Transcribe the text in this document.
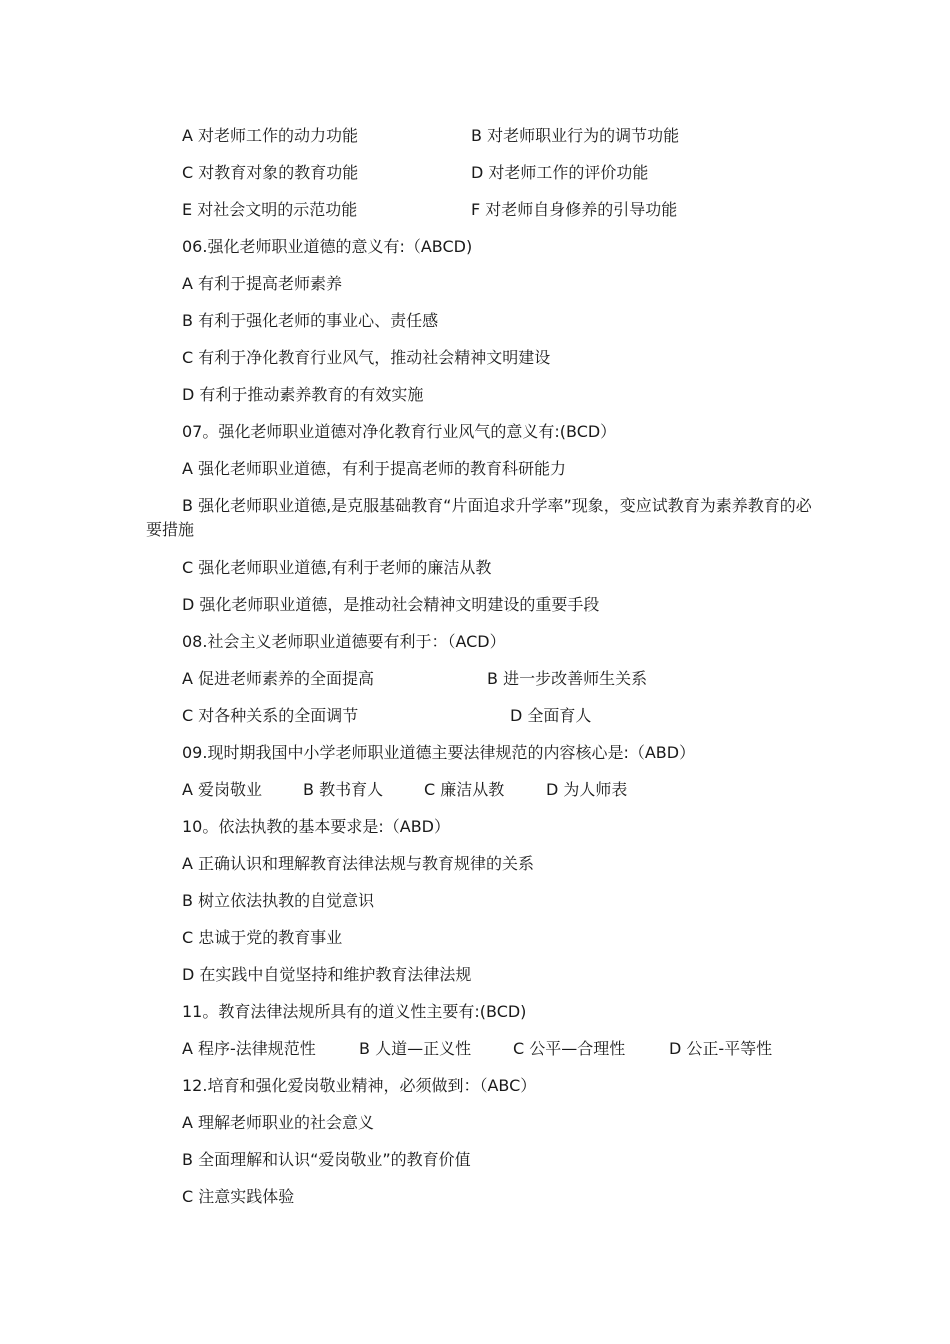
A 对老师工作的动力功能	B 对老师职业行为的调节功能
C 对教育对象的教育功能	D 对老师工作的评价功能
E 对社会文明的示范功能	F 对老师自身修养的引导功能
06.强化老师职业道德的意义有:（ABCD)
A 有利于提高老师素养
B 有利于强化老师的事业心、责任感
C 有利于净化教育行业风气，推动社会精神文明建设
D 有利于推动素养教育的有效实施
07。强化老师职业道德对净化教育行业风气的意义有:(BCD）
A 强化老师职业道德，有利于提高老师的教育科研能力
B 强化老师职业道德,是克服基础教育“片面追求升学率”现象，变应试教育为素养教育的必要措施
C 强化老师职业道德,有利于老师的廉洁从教
D 强化老师职业道德，是推动社会精神文明建设的重要手段
08.社会主义老师职业道德要有利于：（ACD）
A 促进老师素养的全面提高	B 进一步改善师生关系
C 对各种关系的全面调节	D 全面育人
09.现时期我国中小学老师职业道德主要法律规范的内容核心是:（ABD）
A 爱岗敬业	B 教书育人	C 廉洁从教	D 为人师表
10。依法执教的基本要求是:（ABD）
A 正确认识和理解教育法律法规与教育规律的关系
B 树立依法执教的自觉意识
C 忠诚于党的教育事业
D 在实践中自觉坚持和维护教育法律法规
11。教育法律法规所具有的道义性主要有:(BCD)
A 程序-法律规范性	B 人道—正义性	C 公平—合理性	D 公正-平等性
12.培育和强化爱岗敬业精神，必须做到：（ABC）
A 理解老师职业的社会意义
B 全面理解和认识“爱岗敬业”的教育价值
C 注意实践体验
